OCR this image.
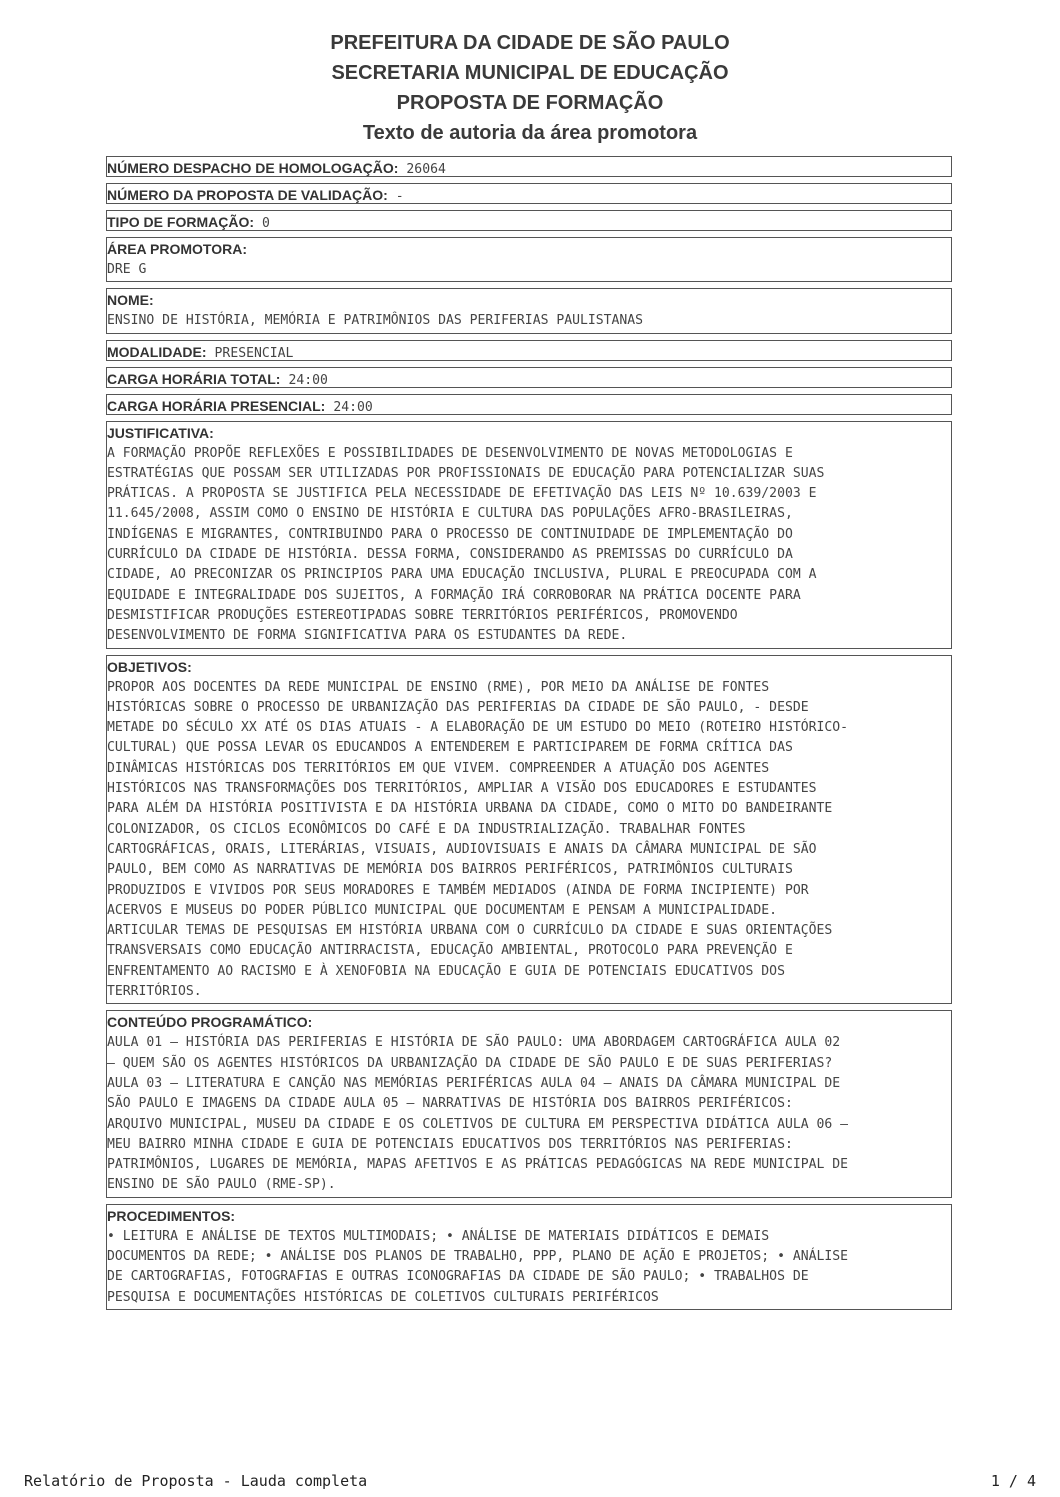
PREFEITURA DA CIDADE DE SÃO PAULO
SECRETARIA MUNICIPAL DE EDUCAÇÃO
PROPOSTA DE FORMAÇÃO
Texto de autoria da área promotora
NÚMERO DESPACHO DE HOMOLOGAÇÃO: 26064
NÚMERO DA PROPOSTA DE VALIDAÇÃO: -
TIPO DE FORMAÇÃO: 0
ÁREA PROMOTORA:
DRE G
NOME:
ENSINO DE HISTÓRIA, MEMÓRIA E PATRIMÔNIOS DAS PERIFERIAS PAULISTANAS
MODALIDADE: PRESENCIAL
CARGA HORÁRIA TOTAL: 24:00
CARGA HORÁRIA PRESENCIAL: 24:00
JUSTIFICATIVA:
A FORMAÇÃO PROPÕE REFLEXÕES E POSSIBILIDADES DE DESENVOLVIMENTO DE NOVAS METODOLOGIAS E
ESTRATÉGIAS QUE POSSAM SER UTILIZADAS POR PROFISSIONAIS DE EDUCAÇÃO PARA POTENCIALIZAR SUAS
PRÁTICAS. A PROPOSTA SE JUSTIFICA PELA NECESSIDADE DE EFETIVAÇÃO DAS LEIS Nº 10.639/2003 E
11.645/2008, ASSIM COMO O ENSINO DE HISTÓRIA E CULTURA DAS POPULAÇÕES AFRO-BRASILEIRAS,
INDÍGENAS E MIGRANTES, CONTRIBUINDO PARA O PROCESSO DE CONTINUIDADE DE IMPLEMENTAÇÃO DO
CURRÍCULO DA CIDADE DE HISTÓRIA. DESSA FORMA, CONSIDERANDO AS PREMISSAS DO CURRÍCULO DA
CIDADE, AO PRECONIZAR OS PRINCIPIOS PARA UMA EDUCAÇÃO INCLUSIVA, PLURAL E PREOCUPADA COM A
EQUIDADE E INTEGRALIDADE DOS SUJEITOS, A FORMAÇÃO IRÁ CORROBORAR NA PRÁTICA DOCENTE PARA
DESMISTIFICAR PRODUÇÕES ESTEREOTIPADAS SOBRE TERRITÓRIOS PERIFÉRICOS, PROMOVENDO
DESENVOLVIMENTO DE FORMA SIGNIFICATIVA PARA OS ESTUDANTES DA REDE.
OBJETIVOS:
PROPOR AOS DOCENTES DA REDE MUNICIPAL DE ENSINO (RME), POR MEIO DA ANÁLISE DE FONTES
HISTÓRICAS SOBRE O PROCESSO DE URBANIZAÇÃO DAS PERIFERIAS DA CIDADE DE SÃO PAULO, - DESDE
METADE DO SÉCULO XX ATÉ OS DIAS ATUAIS - A ELABORAÇÃO DE UM ESTUDO DO MEIO (ROTEIRO HISTÓRICO-
CULTURAL) QUE POSSA LEVAR OS EDUCANDOS A ENTENDEREM E PARTICIPAREM DE FORMA CRÍTICA DAS
DINÂMICAS HISTÓRICAS DOS TERRITÓRIOS EM QUE VIVEM. COMPREENDER A ATUAÇÃO DOS AGENTES
HISTÓRICOS NAS TRANSFORMAÇÕES DOS TERRITÓRIOS, AMPLIAR A VISÃO DOS EDUCADORES E ESTUDANTES
PARA ALÉM DA HISTÓRIA POSITIVISTA E DA HISTÓRIA URBANA DA CIDADE, COMO O MITO DO BANDEIRANTE
COLONIZADOR, OS CICLOS ECONÔMICOS DO CAFÉ E DA INDUSTRIALIZAÇÃO. TRABALHAR FONTES
CARTOGRÁFICAS, ORAIS, LITERÁRIAS, VISUAIS, AUDIOVISUAIS E ANAIS DA CÂMARA MUNICIPAL DE SÃO
PAULO, BEM COMO AS NARRATIVAS DE MEMÓRIA DOS BAIRROS PERIFÉRICOS, PATRIMÔNIOS CULTURAIS
PRODUZIDOS E VIVIDOS POR SEUS MORADORES E TAMBÉM MEDIADOS (AINDA DE FORMA INCIPIENTE) POR
ACERVOS E MUSEUS DO PODER PÚBLICO MUNICIPAL QUE DOCUMENTAM E PENSAM A MUNICIPALIDADE.
ARTICULAR TEMAS DE PESQUISAS EM HISTÓRIA URBANA COM O CURRÍCULO DA CIDADE E SUAS ORIENTAÇÕES
TRANSVERSAIS COMO EDUCAÇÃO ANTIRRACISTA, EDUCAÇÃO AMBIENTAL, PROTOCOLO PARA PREVENÇÃO E
ENFRENTAMENTO AO RACISMO E À XENOFOBIA NA EDUCAÇÃO E GUIA DE POTENCIAIS EDUCATIVOS DOS
TERRITÓRIOS.
CONTEÚDO PROGRAMÁTICO:
AULA 01 — HISTÓRIA DAS PERIFERIAS E HISTÓRIA DE SÃO PAULO: UMA ABORDAGEM CARTOGRÁFICA AULA 02
— QUEM SÃO OS AGENTES HISTÓRICOS DA URBANIZAÇÃO DA CIDADE DE SÃO PAULO E DE SUAS PERIFERIAS?
AULA 03 — LITERATURA E CANÇÃO NAS MEMÓRIAS PERIFÉRICAS AULA 04 — ANAIS DA CÂMARA MUNICIPAL DE
SÃO PAULO E IMAGENS DA CIDADE AULA 05 — NARRATIVAS DE HISTÓRIA DOS BAIRROS PERIFÉRICOS:
ARQUIVO MUNICIPAL, MUSEU DA CIDADE E OS COLETIVOS DE CULTURA EM PERSPECTIVA DIDÁTICA AULA 06 —
MEU BAIRRO MINHA CIDADE E GUIA DE POTENCIAIS EDUCATIVOS DOS TERRITÓRIOS NAS PERIFERIAS:
PATRIMÔNIOS, LUGARES DE MEMÓRIA, MAPAS AFETIVOS E AS PRÁTICAS PEDAGÓGICAS NA REDE MUNICIPAL DE
ENSINO DE SÃO PAULO (RME-SP).
PROCEDIMENTOS:
• LEITURA E ANÁLISE DE TEXTOS MULTIMODAIS; • ANÁLISE DE MATERIAIS DIDÁTICOS E DEMAIS
DOCUMENTOS DA REDE; • ANÁLISE DOS PLANOS DE TRABALHO, PPP, PLANO DE AÇÃO E PROJETOS; • ANÁLISE
DE CARTOGRAFIAS, FOTOGRAFIAS E OUTRAS ICONOGRAFIAS DA CIDADE DE SÃO PAULO; • TRABALHOS DE
PESQUISA E DOCUMENTAÇÕES HISTÓRICAS DE COLETIVOS CULTURAIS PERIFÉRICOS
Relatório de Proposta - Lauda completa	1 / 4
